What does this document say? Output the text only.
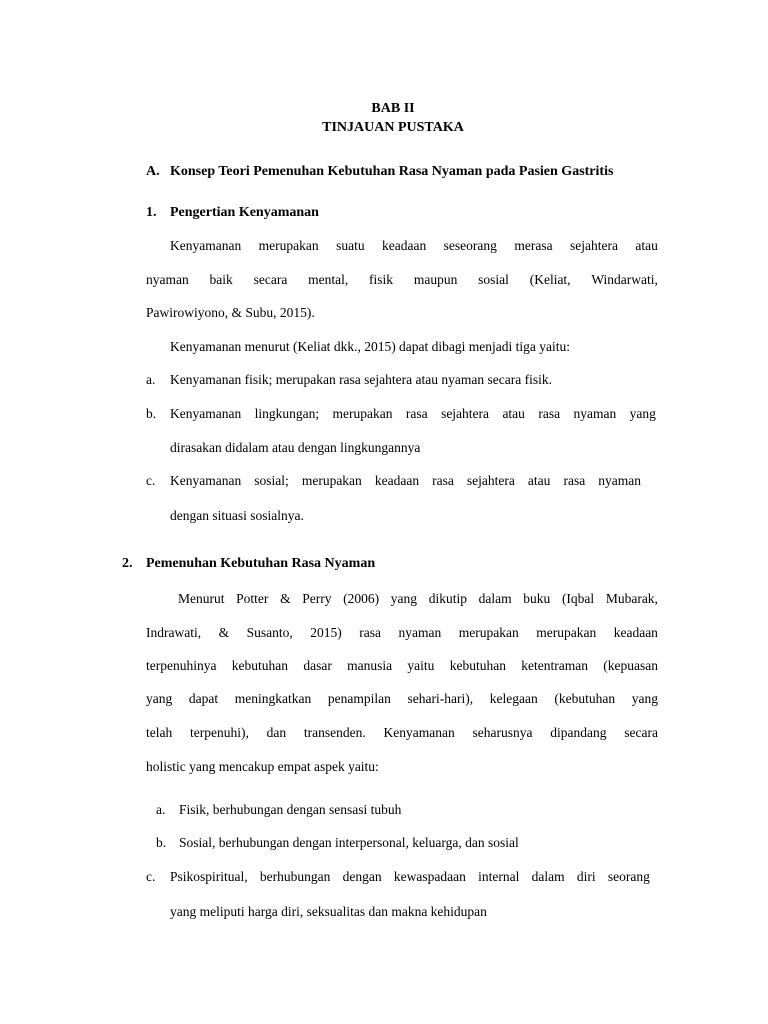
BAB II
TINJAUAN PUSTAKA
A. Konsep Teori Pemenuhan Kebutuhan Rasa Nyaman pada Pasien Gastritis
1. Pengertian Kenyamanan
Kenyamanan merupakan suatu keadaan seseorang merasa sejahtera atau
nyaman baik secara mental, fisik maupun sosial (Keliat, Windarwati,
Pawirowiyono, & Subu, 2015).
Kenyamanan menurut (Keliat dkk., 2015) dapat dibagi menjadi tiga yaitu:
a. Kenyamanan fisik; merupakan rasa sejahtera atau nyaman secara fisik.
b. Kenyamanan lingkungan; merupakan rasa sejahtera atau rasa nyaman yang
dirasakan didalam atau dengan lingkungannya
c. Kenyamanan sosial; merupakan keadaan rasa sejahtera atau rasa nyaman
dengan situasi sosialnya.
2. Pemenuhan Kebutuhan Rasa Nyaman
Menurut Potter & Perry (2006) yang dikutip dalam buku (Iqbal Mubarak,
Indrawati, & Susanto, 2015) rasa nyaman merupakan merupakan keadaan
terpenuhinya kebutuhan dasar manusia yaitu kebutuhan ketentraman (kepuasan
yang dapat meningkatkan penampilan sehari-hari), kelegaan (kebutuhan yang
telah terpenuhi), dan transenden. Kenyamanan seharusnya dipandang secara
holistic yang mencakup empat aspek yaitu:
a. Fisik, berhubungan dengan sensasi tubuh
b. Sosial, berhubungan dengan interpersonal, keluarga, dan sosial
c. Psikospiritual, berhubungan dengan kewaspadaan internal dalam diri seorang
yang meliputi harga diri, seksualitas dan makna kehidupan
